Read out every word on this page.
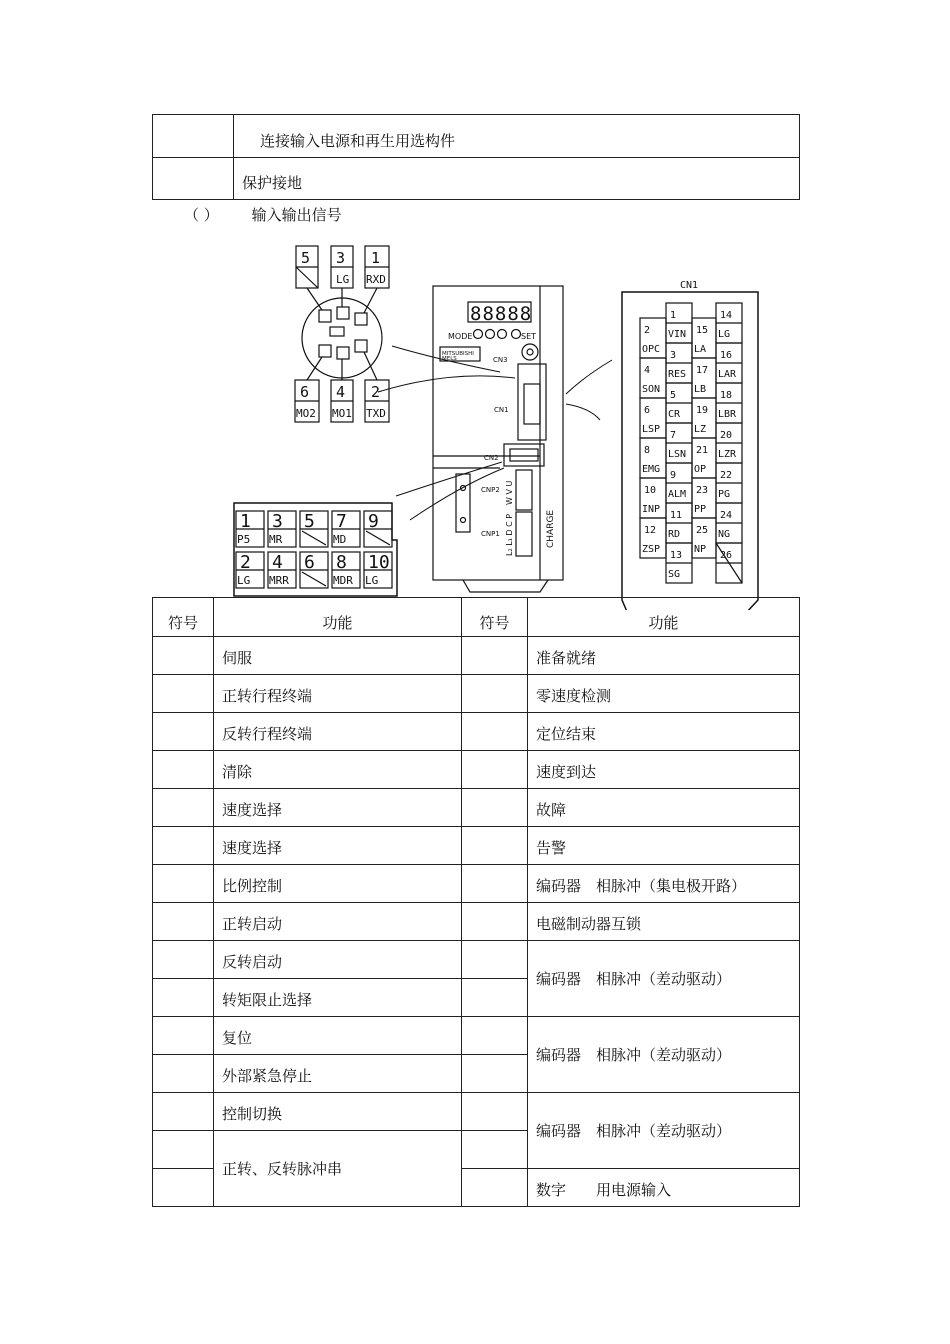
	连接输入电源和再生用选构件

	保护接地
（ ） 输入输出信号
5 3
LG
1
RXD
6
MO2
4
MO1
2
TXD
88888
MODE	SET
MITSUBISHI
MELS	CN3
CN1
CN2
CNP2
CNP1	CHARGE
W V U
L₂ L₁ D C P
1
P5
3
MR
5 7
MD
9
2
LG
4
MRR
6 8
MDR
10
LG
2
OPC
4
SON
6
LSP
8
EMG
10
INP
12
ZSP
1
VIN
3
RES
5
CR
7
LSN
9
ALM
11
RD
13
SG
15
LA
17
LB
19
LZ
21
OP
23
PP
25
NP
14
LG
16
LAR
18
LBR
20
LZR
22
PG
24
NG
26
CN1
符号	功能	符号	功能

	伺服		准备就绪

	正转行程终端		零速度检测

	反转行程终端		定位结束

	清除		速度到达

	速度选择		故障

	速度选择		告警

	比例控制		编码器　相脉冲（集电极开路）

	正转启动		电磁制动器互锁

	反转启动		编码器　相脉冲（差动驱动）

	转矩限止选择		

	复位		编码器　相脉冲（差动驱动）

	外部紧急停止		

	控制切换		编码器　相脉冲（差动驱动）

	正转、反转脉冲串		

			数字　　用电源输入
